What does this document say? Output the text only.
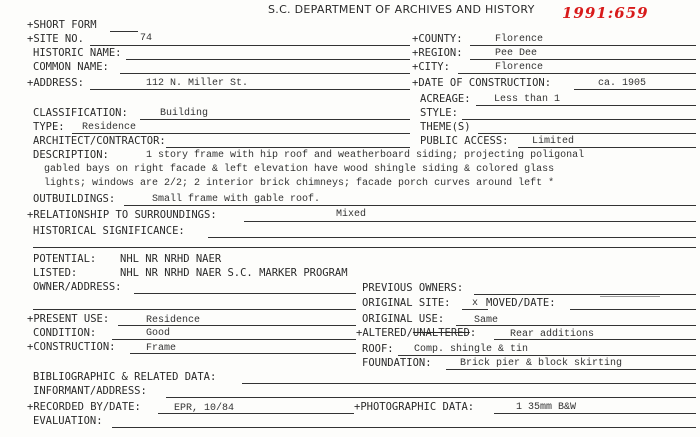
S.C. DEPARTMENT OF ARCHIVES AND HISTORY 1991:659
+SHORT FORM
+SITE NO.	74	+COUNTY:	Florence
HISTORIC NAME:	+REGION:	Pee Dee
COMMON NAME:	+CITY:	Florence
+ADDRESS:	112 N. Miller St.	+DATE OF CONSTRUCTION:	ca. 1905
ACREAGE: Less than 1
CLASSIFICATION:	Building	STYLE:
TYPE: Residence	THEME(S)
ARCHITECT/CONTRACTOR:	PUBLIC ACCESS: Limited
DESCRIPTION:	1 story frame with hip roof and weatherboard siding; projecting poligonal
gabled bays on right facade & left elevation have wood shingle siding & colored glass
lights; windows are 2/2; 2 interior brick chimneys; facade porch curves around left *
OUTBUILDINGS:	Small frame with gable roof.
+RELATIONSHIP TO SURROUNDINGS:	Mixed
HISTORICAL SIGNIFICANCE:
POTENTIAL: NHL NR NRHD NAER
LISTED:	NHL NR NRHD NAER S.C. MARKER PROGRAM
OWNER/ADDRESS:	PREVIOUS OWNERS:
ORIGINAL SITE: x MOVED/DATE:
+PRESENT USE:	Residence	ORIGINAL USE:	Same
CONDITION:	Good	+ALTERED/UNALTERED:	Rear additions
+CONSTRUCTION:	Frame	ROOF: Comp. shingle & tin
FOUNDATION:	Brick pier & block skirting
BIBLIOGRAPHIC & RELATED DATA:
INFORMANT/ADDRESS:
+RECORDED BY/DATE:	EPR, 10/84	+PHOTOGRAPHIC DATA:	1 35mm B&W
EVALUATION:
